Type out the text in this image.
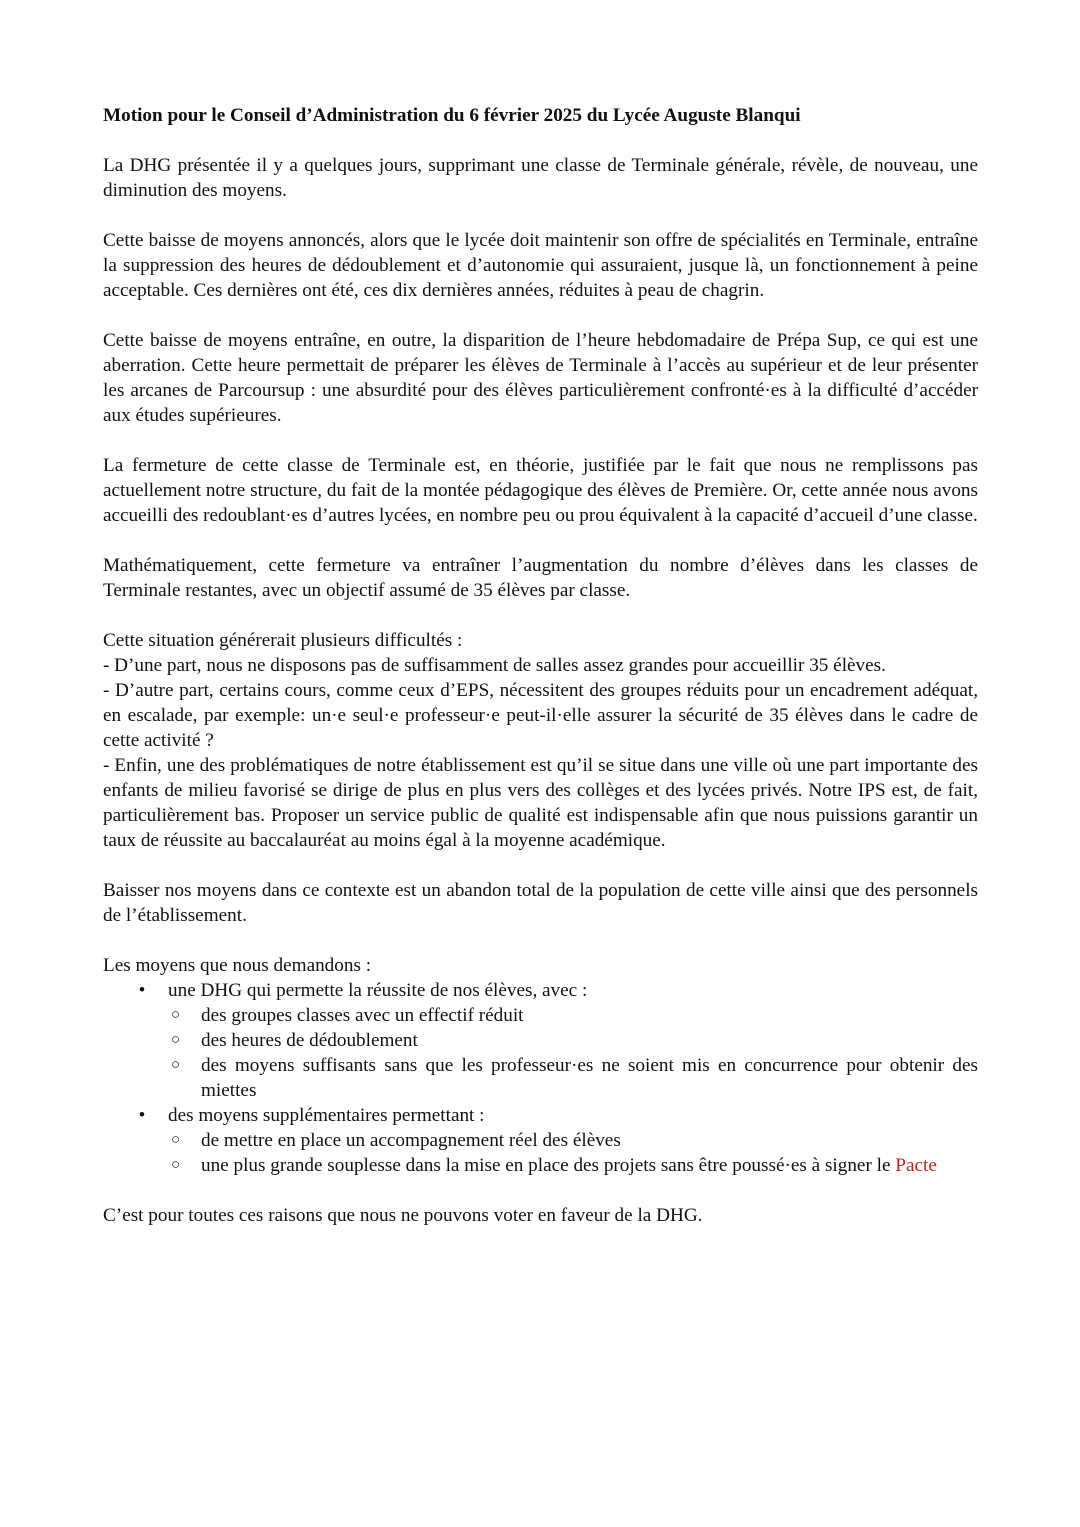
Motion pour le Conseil d’Administration du 6 février 2025 du Lycée Auguste Blanqui

La DHG présentée il y a quelques jours, supprimant une classe de Terminale générale, révèle, de nouveau, une diminution des moyens.

Cette baisse de moyens annoncés, alors que le lycée doit maintenir son offre de spécialités en Terminale, entraîne la suppression des heures de dédoublement et d’autonomie qui assuraient, jusque là, un fonctionnement à peine acceptable. Ces dernières ont été, ces dix dernières années, réduites à peau de chagrin.

Cette baisse de moyens entraîne, en outre, la disparition de l’heure hebdomadaire de Prépa Sup, ce qui est une aberration. Cette heure permettait de préparer les élèves de Terminale à l’accès au supérieur et de leur présenter les arcanes de Parcoursup : une absurdité pour des élèves particulièrement confronté·es à la difficulté d’accéder aux études supérieures.

La fermeture de cette classe de Terminale est, en théorie, justifiée par le fait que nous ne remplissons pas actuellement notre structure, du fait de la montée pédagogique des élèves de Première. Or, cette année nous avons accueilli des redoublant·es d’autres lycées, en nombre peu ou prou équivalent à la capacité d’accueil d’une classe.

Mathématiquement, cette fermeture va entraîner l’augmentation du nombre d’élèves dans les classes de Terminale restantes, avec un objectif assumé de 35 élèves par classe.

Cette situation générerait plusieurs difficultés :
- D’une part, nous ne disposons pas de suffisamment de salles assez grandes pour accueillir 35 élèves.
- D’autre part, certains cours, comme ceux d’EPS, nécessitent des groupes réduits pour un encadrement adéquat, en escalade, par exemple: un·e seul·e professeur·e peut-il·elle assurer la sécurité de 35 élèves dans le cadre de cette activité ?
- Enfin, une des problématiques de notre établissement est qu’il se situe dans une ville où une part importante des enfants de milieu favorisé se dirige de plus en plus vers des collèges et des lycées privés. Notre IPS est, de fait, particulièrement bas. Proposer un service public de qualité est indispensable afin que nous puissions garantir un taux de réussite au baccalauréat au moins égal à la moyenne académique.

Baisser nos moyens dans ce contexte est un abandon total de la population de cette ville ainsi que des personnels de l’établissement.

Les moyens que nous demandons :
• une DHG qui permette la réussite de nos élèves, avec :
○ des groupes classes avec un effectif réduit
○ des heures de dédoublement
○ des moyens suffisants sans que les professeur·es ne soient mis en concurrence pour obtenir des miettes
• des moyens supplémentaires permettant :
○ de mettre en place un accompagnement réel des élèves
○ une plus grande souplesse dans la mise en place des projets sans être poussé·es à signer le Pacte

C’est pour toutes ces raisons que nous ne pouvons voter en faveur de la DHG.
